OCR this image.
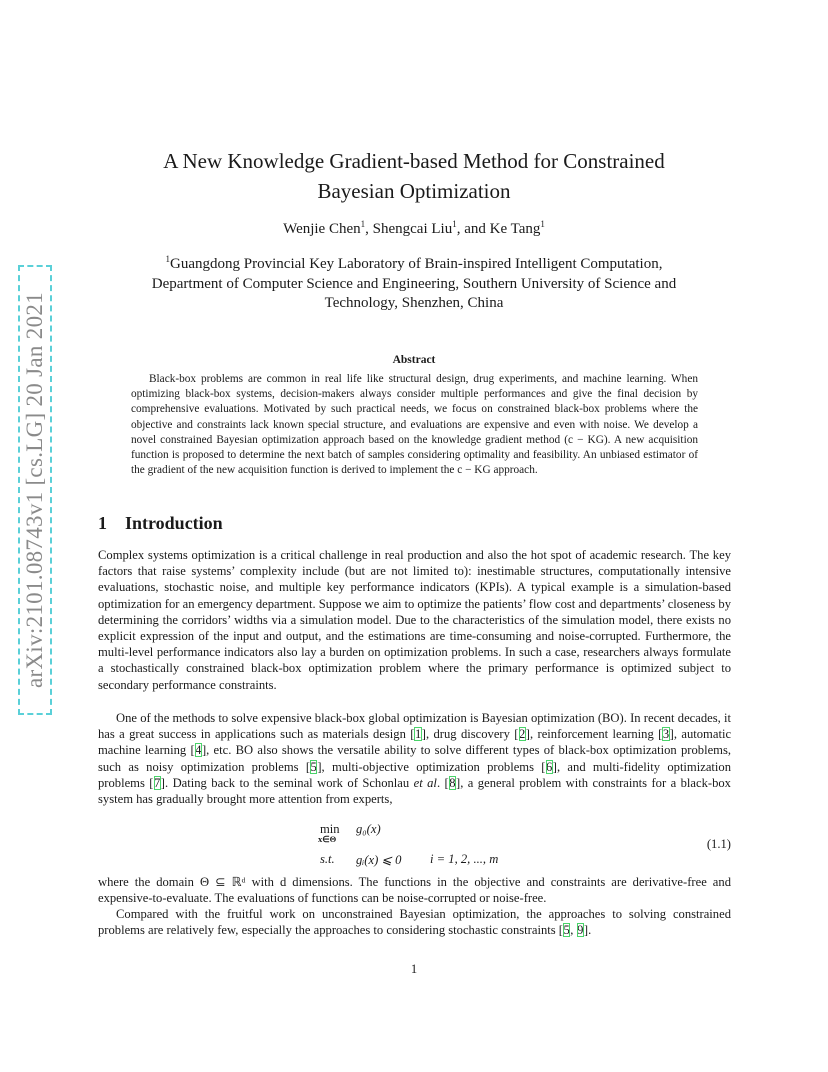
arXiv:2101.08743v1 [cs.LG] 20 Jan 2021
A New Knowledge Gradient-based Method for Constrained
Bayesian Optimization
Wenjie Chen$^1$, Shengcai Liu$^1$, and Ke Tang$^1$
$^1$Guangdong Provincial Key Laboratory of Brain-inspired Intelligent Computation,
Department of Computer Science and Engineering, Southern University of Science and
Technology, Shenzhen, China
Abstract
Black-box problems are common in real life like structural design, drug experiments, and machine learning. When optimizing black-box systems, decision-makers always consider multiple performances and give the final decision by comprehensive evaluations. Motivated by such practical needs, we focus on constrained black-box problems where the objective and constraints lack known special structure, and evaluations are expensive and even with noise. We develop a novel constrained Bayesian optimization approach based on the knowledge gradient method (c − KG). A new acquisition function is proposed to determine the next batch of samples considering optimality and feasibility. An unbiased estimator of the gradient of the new acquisition function is derived to implement the c − KG approach.
1 Introduction
Complex systems optimization is a critical challenge in real production and also the hot spot of academic research. The key factors that raise systems’ complexity include (but are not limited to): inestimable structures, computationally intensive evaluations, stochastic noise, and multiple key performance indicators (KPIs). A typical example is a simulation-based optimization for an emergency department. Suppose we aim to optimize the patients’ flow cost and departments’ closeness by determining the corridors’ widths via a simulation model. Due to the characteristics of the simulation model, there exists no explicit expression of the input and output, and the estimations are time-consuming and noise-corrupted. Furthermore, the multi-level performance indicators also lay a burden on optimization problems. In such a case, researchers always formulate a stochastically constrained black-box optimization problem where the primary performance is optimized subject to secondary performance constraints.
One of the methods to solve expensive black-box global optimization is Bayesian optimization (BO). In recent decades, it has a great success in applications such as materials design [1], drug discovery [2], reinforcement learning [3], automatic machine learning [4], etc. BO also shows the versatile ability to solve different types of black-box optimization problems, such as noisy optimization problems [5], multi-objective optimization problems [6], and multi-fidelity optimization problems [7]. Dating back to the seminal work of Schonlau et al. [8], a general problem with constraints for a black-box system has gradually brought more attention from experts,
min
x∈Θ
g₀(x)
s.t. gᵢ(x) ⩽ 0 i = 1, 2, ..., m
(1.1)
where the domain Θ ⊆ ℝᵈ with d dimensions. The functions in the objective and constraints are derivative-free and expensive-to-evaluate. The evaluations of functions can be noise-corrupted or noise-free.
Compared with the fruitful work on unconstrained Bayesian optimization, the approaches to solving constrained problems are relatively few, especially the approaches to considering stochastic constraints [5, 9].
1
